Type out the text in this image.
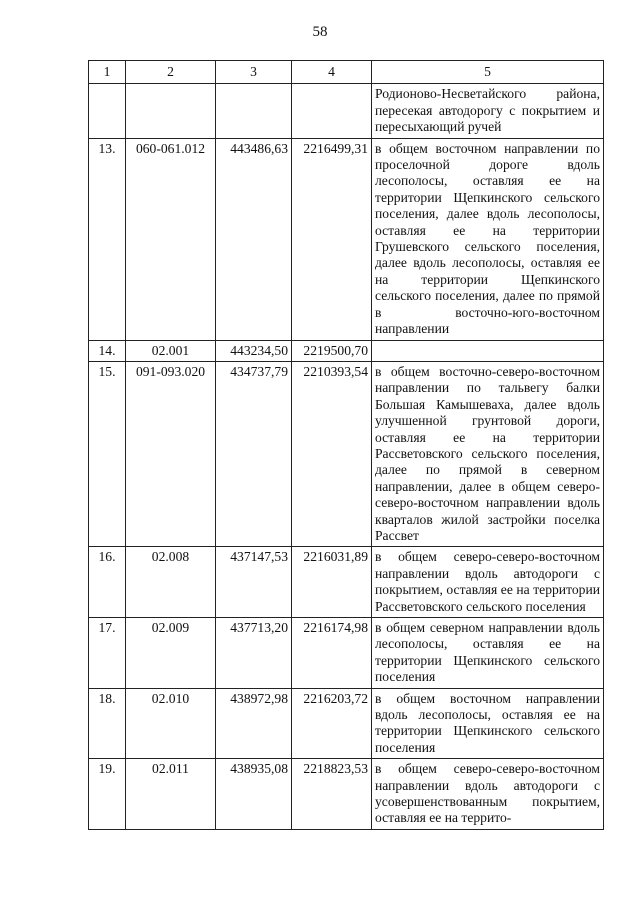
58
1	2	3	4	5
				Родионово-Несветайского района, пересекая автодорогу с покрытием и пересыхающий ручей
13.	060-061.012	443486,63	2216499,31	в общем восточном направлении по проселочной дороге вдоль лесополосы, оставляя ее на территории Щепкинского сельского поселения, далее вдоль лесополосы, оставляя ее на территории Грушевского сельского поселения, далее вдоль лесополосы, оставляя ее на территории Щепкинского сельского поселения, далее по прямой в восточно-юго-восточном направлении
14.	02.001	443234,50	2219500,70	
15.	091-093.020	434737,79	2210393,54	в общем восточно-северо-восточном направлении по тальвегу балки Большая Камышеваха, далее вдоль улучшенной грунтовой дороги, оставляя ее на территории Рассветовского сельского поселения, далее по прямой в северном направлении, далее в общем северо-северо-восточном направлении вдоль кварталов жилой застройки поселка Рассвет
16.	02.008	437147,53	2216031,89	в общем северо-северо-восточном направлении вдоль автодороги с покрытием, оставляя ее на территории Рассветовского сельского поселения
17.	02.009	437713,20	2216174,98	в общем северном направлении вдоль лесополосы, оставляя ее на территории Щепкинского сельского поселения
18.	02.010	438972,98	2216203,72	в общем восточном направлении вдоль лесополосы, оставляя ее на территории Щепкинского сельского поселения
19.	02.011	438935,08	2218823,53	в общем северо-северо-восточном направлении вдоль автодороги с усовершенствованным покрытием, оставляя ее на террито-
